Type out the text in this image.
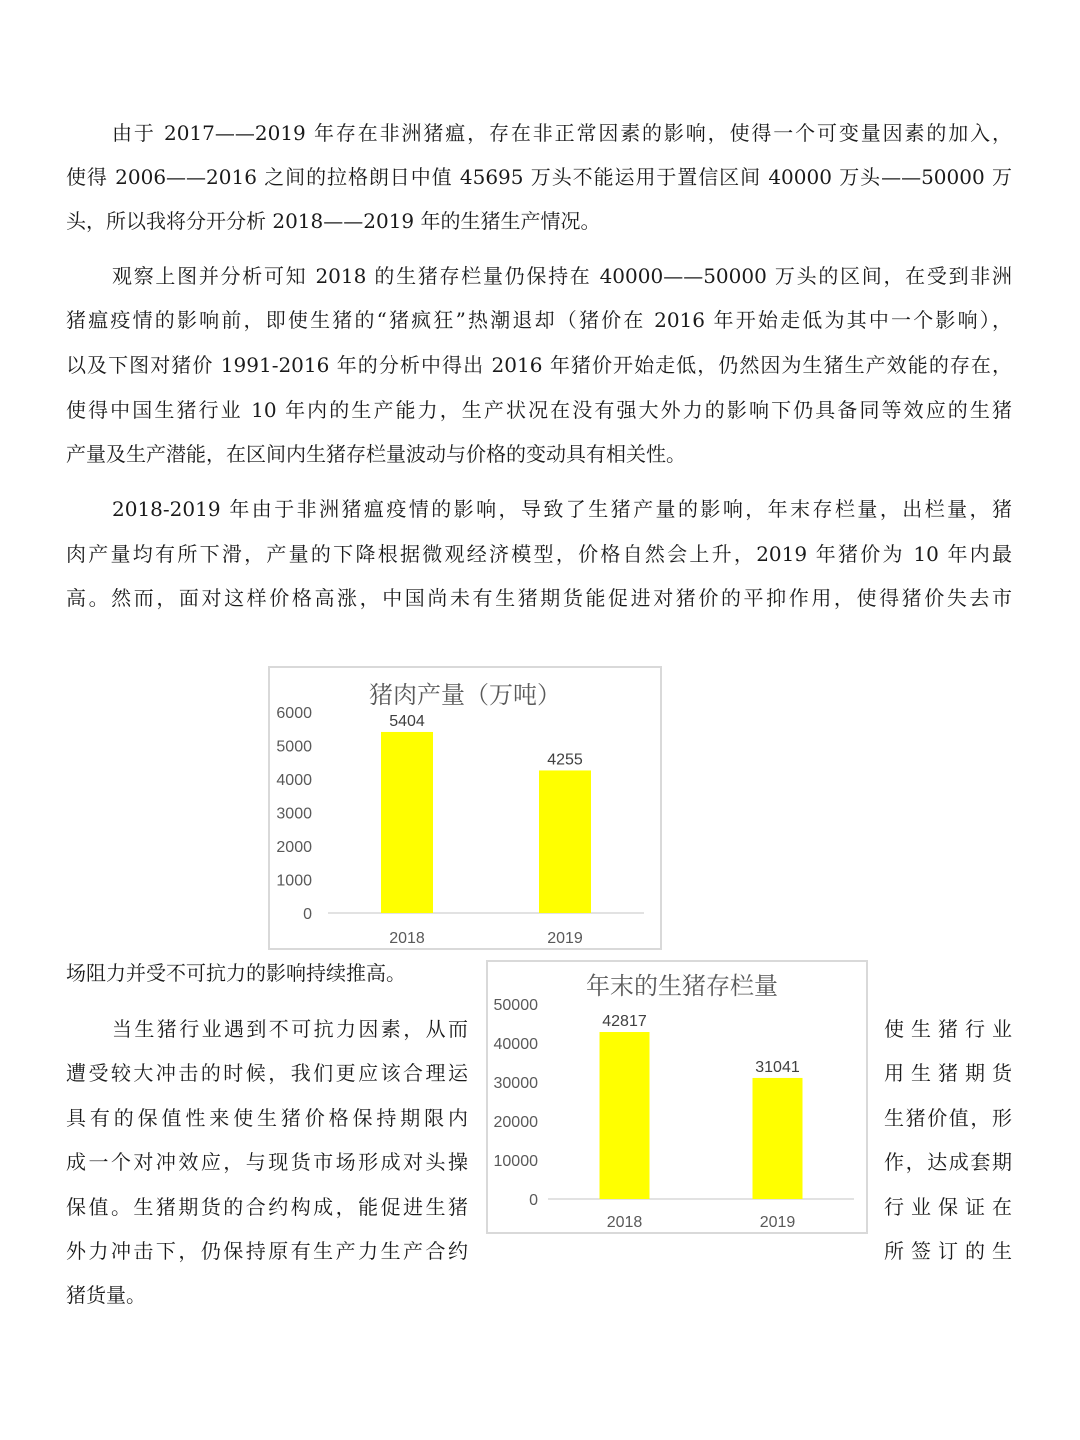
由于 2017——2019 年存在非洲猪瘟，存在非正常因素的影响，使得一个可变量因素的加入，
使得 2006——2016 之间的拉格朗日中值 45695 万头不能运用于置信区间 40000 万头——50000 万
头，所以我将分开分析 2018——2019 年的生猪生产情况。
观察上图并分析可知 2018 的生猪存栏量仍保持在 40000——50000 万头的区间，在受到非洲
猪瘟疫情的影响前，即使生猪的“猪疯狂”热潮退却（猪价在 2016 年开始走低为其中一个影响），
以及下图对猪价 1991-2016 年的分析中得出 2016 年猪价开始走低，仍然因为生猪生产效能的存在，
使得中国生猪行业 10 年内的生产能力，生产状况在没有强大外力的影响下仍具备同等效应的生猪
产量及生产潜能，在区间内生猪存栏量波动与价格的变动具有相关性。
2018-2019 年由于非洲猪瘟疫情的影响，导致了生猪产量的影响，年末存栏量，出栏量，猪
肉产量均有所下滑，产量的下降根据微观经济模型，价格自然会上升，2019 年猪价为 10 年内最
高。然而，面对这样价格高涨，中国尚未有生猪期货能促进对猪价的平抑作用，使得猪价失去市
场阻力并受不可抗力的影响持续推高。
猪肉产量（万吨）
0
1000
2000
3000
4000
5000
6000	5404
2018
4255
2019
年末的生猪存栏量
0
10000
20000
30000
40000
50000
42817
2018
31041
2019
当生猪行业遇到不可抗力因素，从而	使生猪行业
遭受较大冲击的时候，我们更应该合理运	用生猪期货
具有的保值性来使生猪价格保持期限内	生猪价值，形
成一个对冲效应，与现货市场形成对头操	作，达成套期
保值。生猪期货的合约构成，能促进生猪	行业保证在
外力冲击下，仍保持原有生产力生产合约	所签订的生
猪货量。
